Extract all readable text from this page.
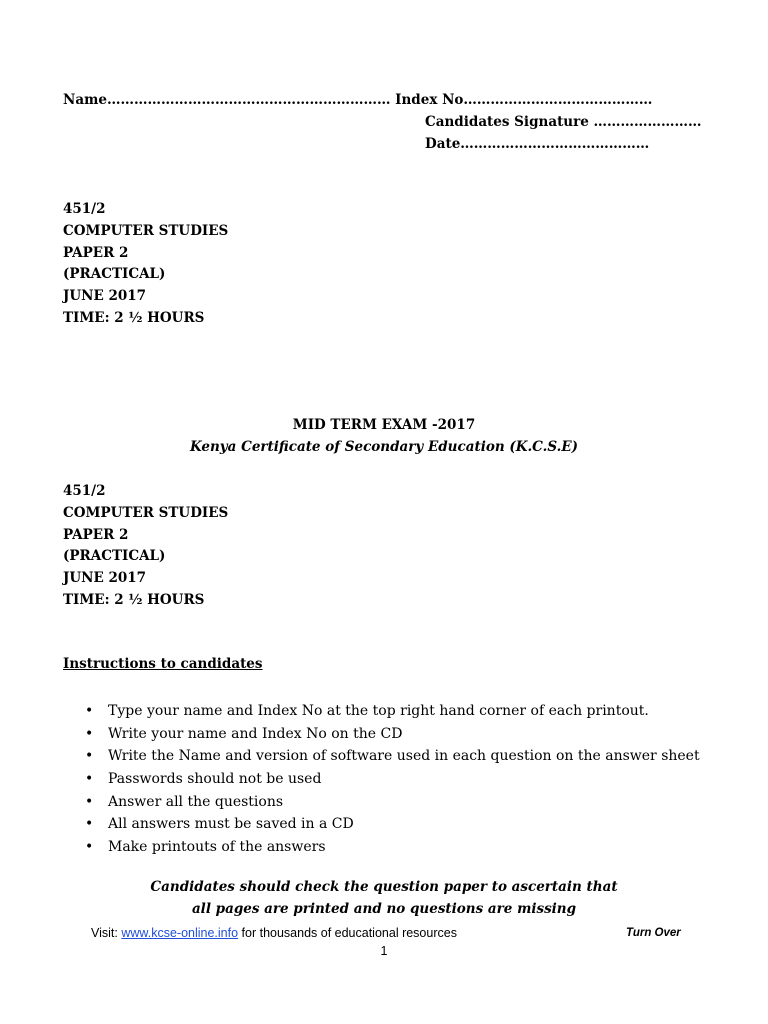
Name……………………………………………………… Index No……………………………………
Candidates Signature ……………………
Date……………………………………
451/2
COMPUTER STUDIES
PAPER 2
(PRACTICAL)
JUNE 2017
TIME: 2 ½ HOURS
MID TERM EXAM -2017
Kenya Certificate of Secondary Education (K.C.S.E)
451/2
COMPUTER STUDIES
PAPER 2
(PRACTICAL)
JUNE 2017
TIME: 2 ½ HOURS
Instructions to candidates
• Type your name and Index No at the top right hand corner of each printout.
• Write your name and Index No on the CD
• Write the Name and version of software used in each question on the answer sheet
• Passwords should not be used
• Answer all the questions
• All answers must be saved in a CD
• Make printouts of the answers
Candidates should check the question paper to ascertain that
all pages are printed and no questions are missing
Visit: www.kcse-online.info for thousands of educational resources	Turn Over
1
